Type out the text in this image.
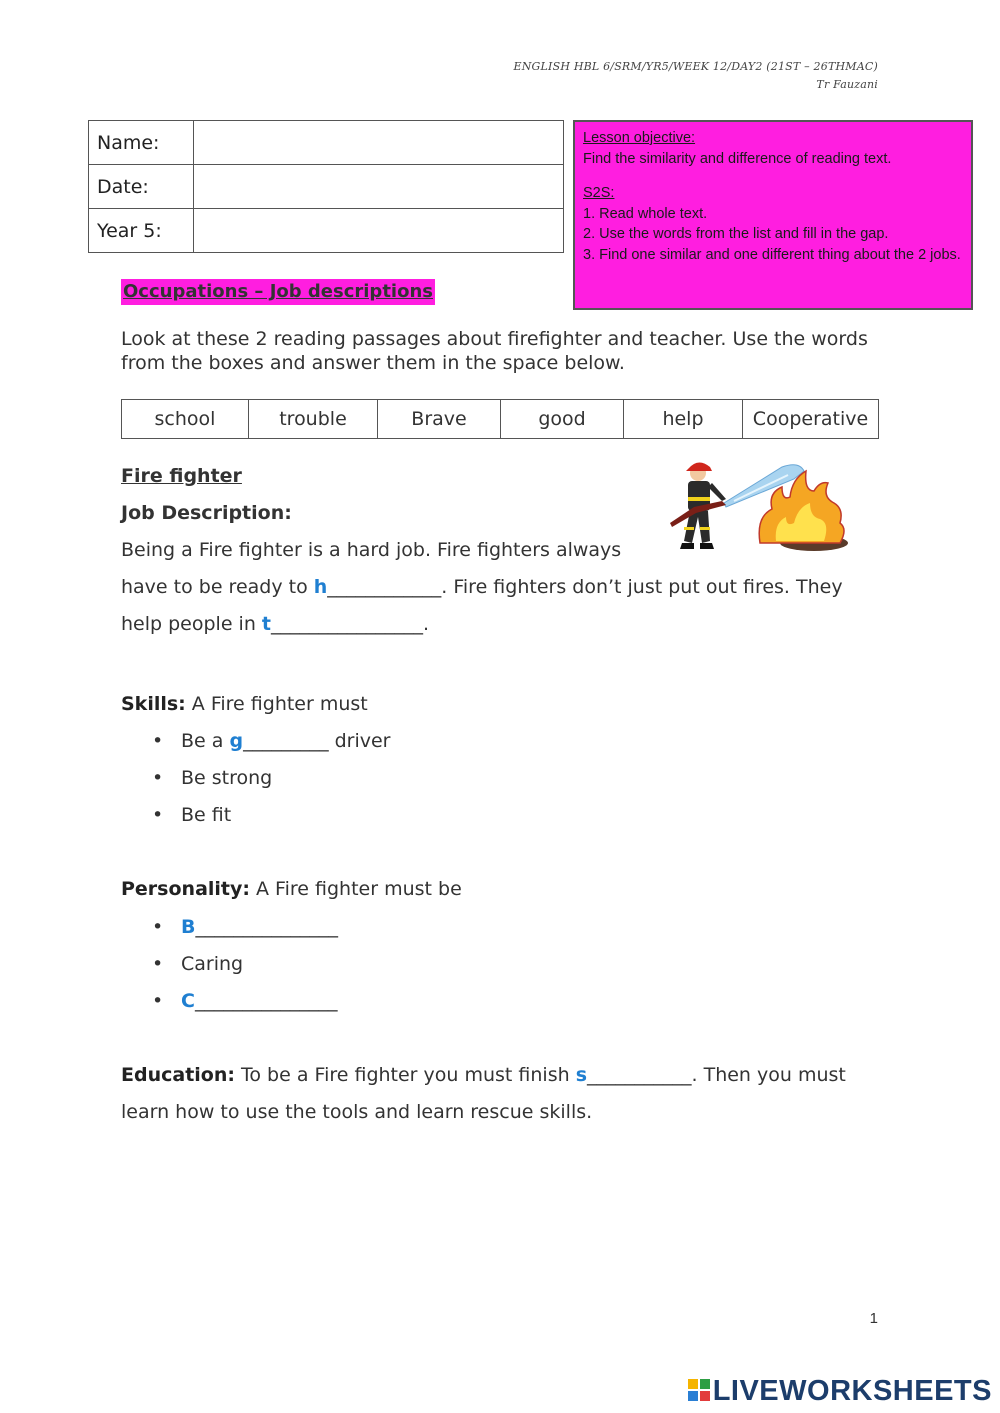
ENGLISH HBL 6/SRM/YR5/WEEK 12/DAY2 (21ST – 26THMAC)
Tr Fauzani
Name:	
Date:	
Year 5:	
Lesson objective:
Find the similarity and difference of reading text.
S2S:
1. Read whole text.
2. Use the words from the list and fill in the gap.
3. Find one similar and one different thing about the 2 jobs.
Occupations – Job descriptions
Look at these 2 reading passages about firefighter and teacher. Use the words from the boxes and answer them in the space below.
school	trouble	Brave	good	help	Cooperative
Fire fighter
Job Description:
Being a Fire fighter is a hard job. Fire fighters always
have to be ready to h____________. Fire fighters don’t just put out fires. They
help people in t________________.
Skills: A Fire fighter must
• Be a g_________ driver
• Be strong
• Be fit
Personality: A Fire fighter must be
• B_______________
• Caring
• C_______________
Education: To be a Fire fighter you must finish s___________. Then you must
learn how to use the tools and learn rescue skills.
1
LIVEWORKSHEETS
